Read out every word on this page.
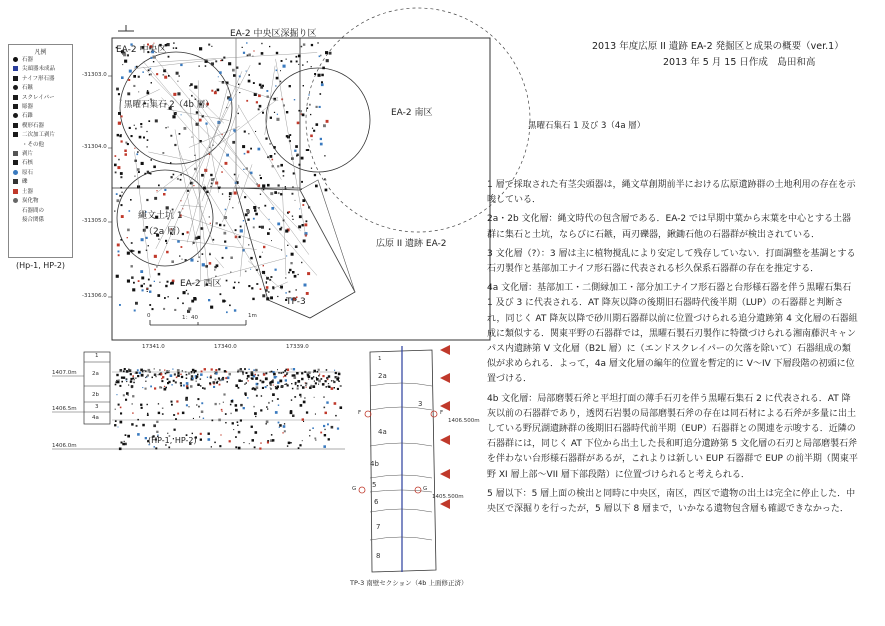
2013 年度広原 II 遺跡 EA-2 発掘区と成果の概要（ver.1）
2013 年 5 月 15 日作成　島田和高
凡例
石器
尖頭器未成品
ナイフ形石器
石鏃
スクレイパー
彫器
石錐
楔形石器
二次加工剥片
・その他
剥片
石核
原石
礫
土器
炭化物
石器間の
接合関係
(Hp-1, HP-2)
EA-2 中央区
EA-2 中央区深掘り区
EA-2 南区
EA-2 西区
広原 II 遺跡 EA-2
黒曜石集石 2（4b 層）
縄文土坑 1
（2a 層）
黒曜石集石 1 及び 3（4a 層）
TP-3
-31303.0
-31304.0
-31305.0
-31306.0
17341.0	17340.0	17339.0
0	1：40	1m
1407.0m
1406.5m
1406.0m
1
2a
2b
3
4a
(HP-1, HP-2)
1
2a
3
4a
4b
5
6
7
8
F	F
1406.500m
G	G
1405.500m
TP-3 南壁セクション（4b 上面修正済）

1 層で採取された有茎尖頭器は，縄文草創期前半における広原遺跡群の土地利用の存在を示唆している．

2a・2b 文化層：縄文時代の包含層である．EA-2 では早期中葉から末葉を中心とする土器群に集石と土坑，ならびに石鏃，両刃礫器，鍬鋤石他の石器群が検出されている．

3 文化層（?）：3 層は主に植物撹乱により安定して残存していない．打面調整を基調とする石刃製作と基部加工ナイフ形石器に代表される杉久保系石器群の存在を推定する．

4a 文化層：基部加工・二側縁加工・部分加工ナイフ形石器と台形様石器を伴う黒曜石集石 1 及び 3 に代表される．AT 降灰以降の後期旧石器時代後半期（LUP）の石器群と判断され，同じく AT 降灰以降で砂川期石器群以前に位置づけられる追分遺跡第 4 文化層の石器組成に類似する．関東平野の石器群では，黒曜石製石刃製作に特徴づけられる湘南藤沢キャンパス内遺跡第 V 文化層（B2L 層）に（エンドスクレイパーの欠落を除いて）石器組成の類似が求められる．よって，4a 層文化層の編年的位置を暫定的に V～IV 下層段階の初頭に位置づける．

4b 文化層：局部磨製石斧と平坦打面の薄手石刃を伴う黒曜石集石 2 に代表される．AT 降灰以前の石器群であり，透閃石岩製の局部磨製石斧の存在は同石材による石斧が多量に出土している野尻湖遺跡群の後期旧石器時代前半期（EUP）石器群との関連を示唆する．近隣の石器群には，同じく AT 下位から出土した長和町追分遺跡第 5 文化層の石刃と局部磨製石斧を伴わない台形様石器群があるが，これよりは新しい EUP 石器群で EUP の前半期（関東平野 XI 層上部～VII 層下部段階）に位置づけられると考えられる．

5 層以下：5 層上面の検出と同時に中央区，南区，西区で遺物の出土は完全に停止した．中央区で深掘りを行ったが，5 層以下 8 層まで，いかなる遺物包含層も確認できなかった．
